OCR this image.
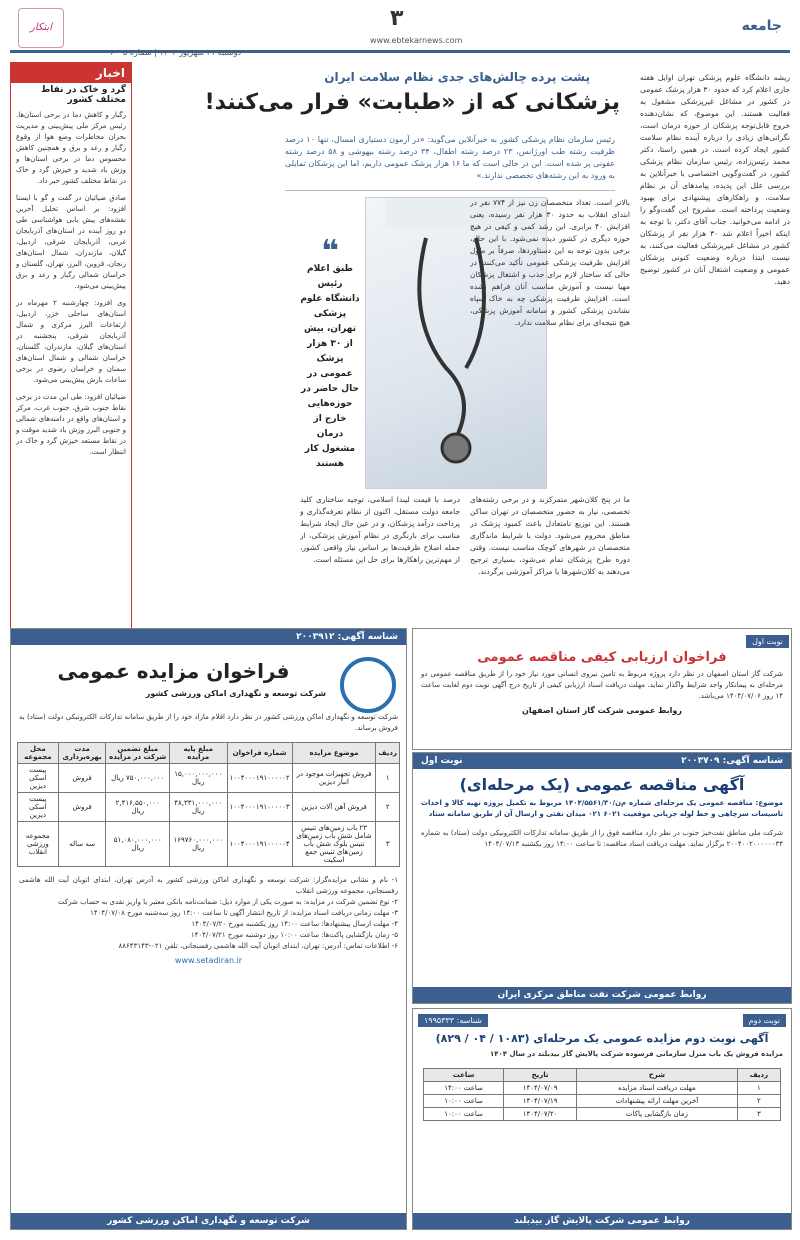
جامعه
۳
www.ebtekarnews.com
دوشنبه ۳۱ شهریور ۱۴۰۴ | شماره ۶۰۰۵
ابتکار
اخبار
گرد و خاک در نقاط مختلف کشور
رگبار و کاهش دما در برخی استان‌ها. رئیس مرکز ملی پیش‌بینی و مدیریت بحران مخاطرات وضع هوا از وقوع رگبار و رعد و برق و همچنین کاهش محسوس دما در برخی استان‌ها و وزش باد شدید و خیزش گرد و خاک در نقاط مختلف کشور خبر داد.
صادق ضیائیان در گفت و گو با ایسنا افزود: بر اساس تحلیل آخرین نقشه‌های پیش یابی هواشناسی طی دو روز آینده در استان‌های آذربایجان غربی، آذربایجان شرقی، اردبیل، گیلان، مازندران، شمال استان‌های زنجان، قزوین، البرز، تهران، گلستان و خراسان شمالی رگبار و رعد و برق پیش‌بینی می‌شود.
وی افزود: چهارشنبه ۲ مهرماه در استان‌های ساحلی خزر، اردبیل، ارتفاعات البرز مرکزی و شمال آذربایجان شرقی، پنجشنبه در استان‌های گیلان، مازندران، گلستان، خراسان شمالی و شمال استان‌های سمنان و خراسان رضوی در برخی ساعات بارش پیش‌بینی می‌شود.
ضیائیان افزود: طی این مدت در برخی نقاط جنوب شرق، جنوب غرب، مرکز و استان‌های واقع در دامنه‌های شمالی و جنوبی البرز وزش باد شدید موقت و در نقاط مستعد خیزش گرد و خاک در انتظار است.
پشت پرده چالش‌های جدی نظام سلامت ایران
پزشکانی که از «طبابت» فرار می‌کنند!
رئیس سازمان نظام پزشکی کشور به خبرآنلاین می‌گوید: «در آزمون دستیاری امسال، تنها ۱۰ درصد ظرفیت رشته طب اورژانس، ۲۳ درصد رشته اطفال، ۳۴ درصد رشته بیهوشی و ۵۸ درصد رشته عفونی پر شده است. این در حالی است که ما ۱۶ هزار پزشک عمومی داریم، اما این پزشکان تمایلی به ورود به این رشته‌های تخصصی ندارند.»
ریشه دانشگاه علوم پزشکی تهران اوایل هفته جاری اعلام کرد که حدود ۳۰ هزار پزشک عمومی در کشور در مشاغل غیرپزشکی مشغول به فعالیت هستند. این موضوع، که نشان‌دهنده خروج قابل‌توجه پزشکان از حوزه درمان است، نگرانی‌های زیادی را درباره آینده نظام سلامت کشور ایجاد کرده است. در همین راستا، دکتر محمد رئیس‌زاده، رئیس سازمان نظام پزشکی کشور، در گفت‌وگویی اختصاصی با خبرآنلاین به بررسی علل این پدیده، پیامدهای آن بر نظام سلامت، و راهکارهای پیشنهادی برای بهبود وضعیت پرداخته است. مشروح این گفت‌وگو را در ادامه می‌خوانید. جناب آقای دکتر، با توجه به اینکه اخیراً اعلام شد ۳۰ هزار نفر از پزشکان کشور در مشاغل غیرپزشکی فعالیت می‌کنند، به نیست ابتدا درباره وضعیت کنونی پزشکان عمومی و وضعیت اشتغال آنان در کشور توضیح دهید.
❝
طبق اعلام رئیس دانشگاه علوم پزشکی تهران، بیش از ۳۰ هزار پزشک عمومی در حال حاضر در حوزه‌هایی خارج از درمان مشغول کار هستند
بالاتر است. تعداد متخصصان زن نیز از ۷۷۴ نفر در ابتدای انقلاب به حدود ۳۰ هزار نفر رسیده، یعنی افزایش ۴۰ برابری. این رشد کمی و کیفی در هیچ حوزه دیگری در کشور دیده نمی‌شود. با این حال، برخی بدون توجه به این دستاوردها، صرفاً بر طول افزایش ظرفیت پزشکی عمومی تأکید می‌کنند، در حالی که ساختار لازم برای جذب و اشتغال پزشکان مهیا نیست و آموزش مناسب آنان فراهم نشده است. افزایش ظرفیت پزشکی چه به خاک سپاه نشاندن پزشکی کشور و سامانه آموزش پزشکی، هیچ نتیجه‌ای برای نظام سلامت ندارد.
ما در پنج کلان‌شهر متمرکزند و در برخی رشته‌های تخصصی، نیاز به حضور متخصصان در تهران ساکن هستند. این توزیع نامتعادل باعث کمبود پزشک در مناطق محروم می‌شود. دولت با شرایط ماندگاری متخصصان در شهرهای کوچک مناسب نیست. وقتی دوره طرح پزشکان تمام می‌شود، بسیاری ترجیح می‌دهند به کلان‌شهرها یا مراکز آموزشی برگردند.
درصد با قیمت لیندا اسلامی، توجیه ساختاری کلید جامعه دولت مستقل، اکنون از نظام تعرفه‌گذاری و پرداخت درآمد پزشکان، و در عین حال ایجاد شرایط مناسب برای بازنگری در نظام آموزش پزشکی، از جمله اصلاح ظرفیت‌ها بر اساس نیاز واقعی کشور، از مهم‌ترین راهکارها برای حل این مسئله است.
شناسه آگهی: ۲۰۰۳۹۱۲
فراخوان مزایده عمومی
شرکت توسعه و نگهداری اماکن ورزشی کشور
شرکت توسعه و نگهداری اماکن ورزشی کشور در نظر دارد اقلام مازاد خود را از طریق سامانه تدارکات الکترونیکی دولت (ستاد) به فروش برساند.
ردیف	موضوع مزایده	شماره فراخوان	مبلغ پایه مزایده	مبلغ تضمین شرکت در مزایده	مدت بهره‌برداری	محل مجموعه
۱	فروش تجهیزات موجود در انبار دیزین	۱۰۰۴۰۰۰۱۹۱۰۰۰۰۰۲	۱۵,۰۰۰,۰۰۰,۰۰۰ ریال	۷۵۰,۰۰۰,۰۰۰ ریال	فروش	پیست اسکی دیزین
۲	فروش آهن آلات دیزین	۱۰۰۴۰۰۰۱۹۱۰۰۰۰۰۳	۴۸,۳۳۱,۰۰۰,۰۰۰ ریال	۲,۴۱۶,۵۵۰,۰۰۰ ریال	فروش	پیست اسکی دیزین
۳	۲۳ باب زمین‌های تنیس شامل شش باب زمین‌های تنیس بلوک شش باب زمین‌های تنیس جمع اسکیت	۱۰۰۴۰۰۰۱۹۱۰۰۰۰۰۴	۱۶۹۷۶۰,۰۰۰,۰۰۰ ریال	۵۱,۰۸۰,۰۰۰,۰۰۰ ریال	سه ساله	مجموعه ورزشی انقلاب
۱- نام و نشانی مزایده‌گزار: شرکت توسعه و نگهداری اماکن ورزشی کشور به آدرس تهران، ابتدای اتوبان آیت الله هاشمی رفسنجانی، مجموعه ورزشی انقلاب
۲- نوع تضمین شرکت در مزایده: به صورت یکی از موارد ذیل: ضمانت‌نامه بانکی معتبر یا واریز نقدی به حساب شرکت
۳- مهلت زمانی دریافت اسناد مزایده: از تاریخ انتشار آگهی تا ساعت ۱۴:۰۰ روز سه‌شنبه مورخ ۱۴۰۴/۰۷/۰۸
۴- مهلت ارسال پیشنهادها: ساعت ۱۴:۰۰ روز یکشنبه مورخ ۱۴۰۴/۰۷/۲۰
۵- زمان بازگشایی پاکت‌ها: ساعت ۱۰:۰۰ روز دوشنبه مورخ ۱۴۰۴/۰۷/۲۱
۶- اطلاعات تماس: آدرس: تهران، ابتدای اتوبان آیت الله هاشمی رفسنجانی، تلفن ۰۲۱-۸۸۶۴۳۱۴۳
www.setadiran.ir
شرکت توسعه و نگهداری اماکن ورزشی کشور
نوبت اول
فراخوان ارزیابی کیفی مناقصه عمومی
شرکت گاز استان اصفهان در نظر دارد پروژه مربوط به تامین نیروی انسانی مورد نیاز خود را از طریق مناقصه عمومی دو مرحله‌ای به پیمانکار واجد شرایط واگذار نماید. مهلت دریافت اسناد ارزیابی کیفی از تاریخ درج آگهی نوبت دوم لغایت ساعت ۱۴ روز ۱۴۰۴/۰۷/۰۶ می‌باشد.
روابط عمومی شرکت گاز استان اصفهان
شناسه آگهی: ۲۰۰۳۷۰۹
نوبت اول
آگهی مناقصه عمومی (یک مرحله‌ای)
موضوع: مناقصه عمومی یک مرحله‌ای شماره م‌ن/۱۴۰۴/۵۵۶۱/۳۰ مربوط به تکمیل پروژه تهیه کالا و احداث تاسیسات سرچاهی و خط لوله جریانی موقعیت ۶۰۲۱ ۰۲۱ میدان نفتی و ارسال آن از طریق سامانه ستاد
شرکت ملی مناطق نفت‌خیز جنوب در نظر دارد مناقصه فوق را از طریق سامانه تدارکات الکترونیکی دولت (ستاد) به شماره ۲۰۰۴۰۰۲۰۰۰۰۰۰۳۴ برگزار نماید. مهلت دریافت اسناد مناقصه: تا ساعت ۱۴:۰۰ روز یکشنبه ۱۴۰۴/۰۷/۱۳
روابط عمومی شرکت نفت مناطق مرکزی ایران
نوبت دوم
شناسه: ۱۹۹۵۳۳۳
آگهی نوبت دوم مزایده عمومی یک مرحله‌ای (۱۰۸۳ / ۰۴ / ۸۲۹)
مزایده فروش یک باب منزل سازمانی فرسوده شرکت پالایش گاز بیدبلند در سال ۱۴۰۴
ردیف	شرح	تاریخ	ساعت
۱	مهلت دریافت اسناد مزایده	۱۴۰۴/۰۷/۰۹	ساعت ۱۴:۰۰
۲	آخرین مهلت ارائه پیشنهادات	۱۴۰۴/۰۷/۱۹	ساعت ۱۰:۰۰
۳	زمان بازگشایی پاکات	۱۴۰۴/۰۷/۲۰	ساعت ۱۰:۰۰
روابط عمومی شرکت پالایش گاز بیدبلند
